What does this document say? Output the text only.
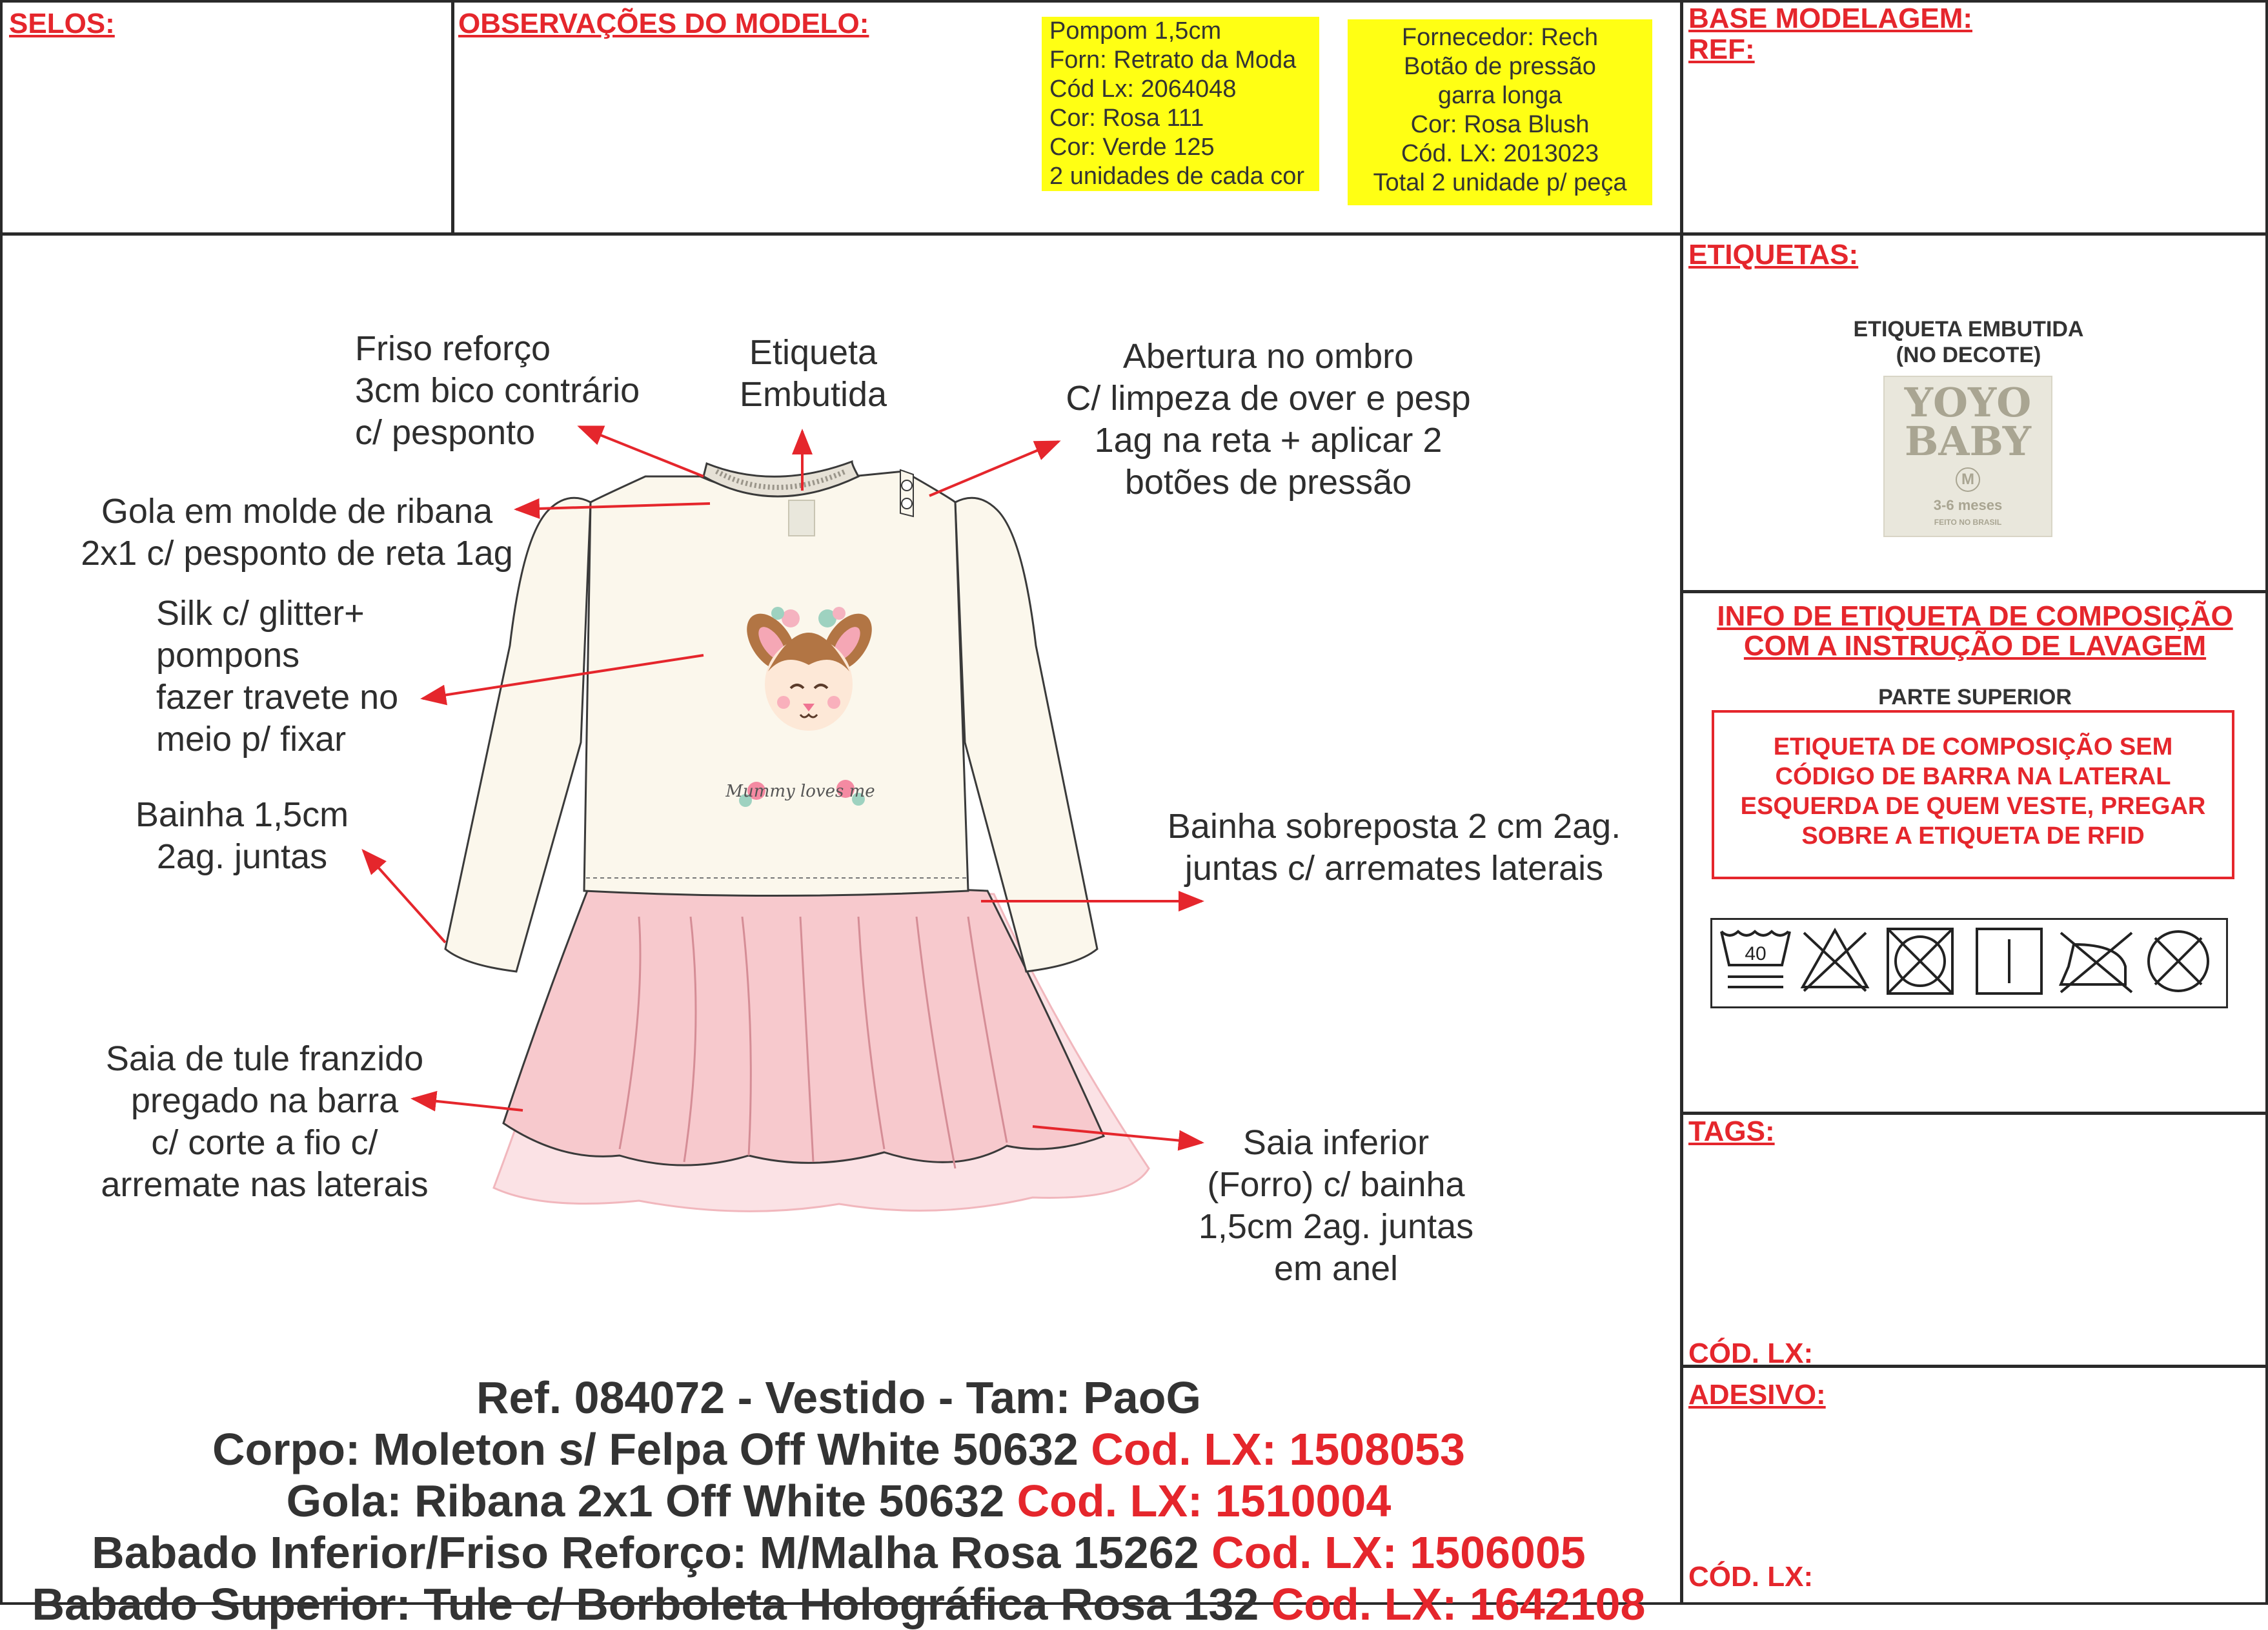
SELOS:	OBSERVAÇÕES DO MODELO:	Pompom 1,5cm
Forn: Retrato da Moda
Cód Lx: 2064048
Cor: Rosa 111
Cor: Verde 125
2 unidades de cada cor
Fornecedor: Rech
Botão de pressão
garra longa
Cor: Rosa Blush
Cód. LX: 2013023
Total 2 unidade p/ peça
BASE MODELAGEM:
REF:
Mummy loves me
Friso reforço
3cm bico contrário
c/ pesponto
Etiqueta
Embutida
Abertura no ombro
C/ limpeza de over e pesp
1ag na reta + aplicar 2
botões de pressão
Gola em molde de ribana
2x1 c/ pesponto de reta 1ag
Silk c/ glitter+
pompons
fazer travete no
meio p/ fixar
Bainha 1,5cm
2ag. juntas
Bainha sobreposta 2 cm 2ag.
juntas c/ arremates laterais
Saia de tule franzido
pregado na barra
c/ corte a fio c/
arremate nas laterais
Saia inferior
(Forro) c/ bainha
1,5cm 2ag. juntas
em anel

Ref. 084072 - Vestido - Tam: PaoG

Corpo: Moleton s/ Felpa Off White 50632 Cod. LX: 1508053

Gola: Ribana 2x1 Off White 50632 Cod. LX: 1510004

Babado Inferior/Friso Reforço: M/Malha Rosa 15262 Cod. LX: 1506005

Babado Superior: Tule c/ Borboleta Holográfica Rosa 132 Cod. LX: 1642108

ETIQUETAS:
ETIQUETA EMBUTIDA
(NO DECOTE)
YOYO
BABY
M
3-6 meses
FEITO NO BRASIL
INFO DE ETIQUETA DE COMPOSIÇÃO
COM A INSTRUÇÃO DE LAVAGEM
PARTE SUPERIOR
ETIQUETA DE COMPOSIÇÃO SEM
CÓDIGO DE BARRA NA LATERAL
ESQUERDA DE QUEM VESTE, PREGAR
SOBRE A ETIQUETA DE RFID
40
TAGS:
CÓD. LX:
ADESIVO:
CÓD. LX:
